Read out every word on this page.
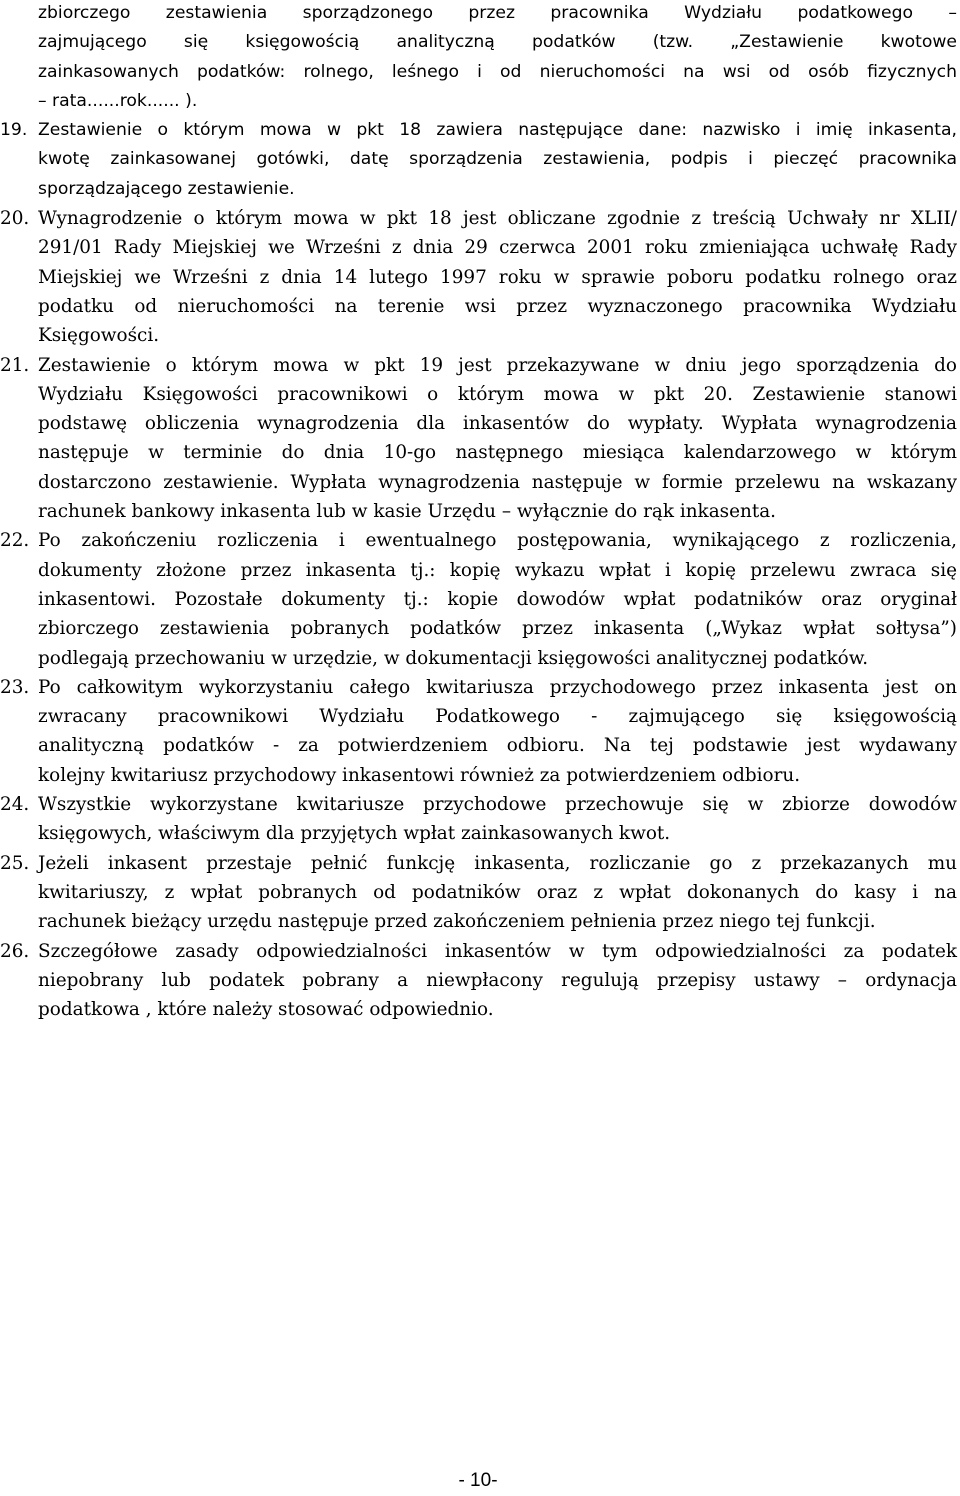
zbiorczego zestawienia sporządzonego przez pracownika Wydziału podatkowego –
zajmującego się księgowością analityczną podatków (tzw. „Zestawienie kwotowe
zainkasowanych podatków: rolnego, leśnego i od nieruchomości na wsi od osób fizycznych
– rata......rok...... ).
19. Zestawienie o którym mowa w pkt 18 zawiera następujące dane: nazwisko i imię inkasenta,
kwotę zainkasowanej gotówki, datę sporządzenia zestawienia, podpis i pieczęć pracownika
sporządzającego zestawienie.
20. Wynagrodzenie o którym mowa w pkt 18 jest obliczane zgodnie z treścią Uchwały nr XLII/
291/01 Rady Miejskiej we Wrześni z dnia 29 czerwca 2001 roku zmieniająca uchwałę Rady
Miejskiej we Wrześni z dnia 14 lutego 1997 roku w sprawie poboru podatku rolnego oraz
podatku od nieruchomości na terenie wsi przez wyznaczonego pracownika Wydziału
Księgowości.
21. Zestawienie o którym mowa w pkt 19 jest przekazywane w dniu jego sporządzenia do
Wydziału Księgowości pracownikowi o którym mowa w pkt 20. Zestawienie stanowi
podstawę obliczenia wynagrodzenia dla inkasentów do wypłaty. Wypłata wynagrodzenia
następuje w terminie do dnia 10-go następnego miesiąca kalendarzowego w którym
dostarczono zestawienie. Wypłata wynagrodzenia następuje w formie przelewu na wskazany
rachunek bankowy inkasenta lub w kasie Urzędu – wyłącznie do rąk inkasenta.
22. Po zakończeniu rozliczenia i ewentualnego postępowania, wynikającego z rozliczenia,
dokumenty złożone przez inkasenta tj.: kopię wykazu wpłat i kopię przelewu zwraca się
inkasentowi. Pozostałe dokumenty tj.: kopie dowodów wpłat podatników oraz oryginał
zbiorczego zestawienia pobranych podatków przez inkasenta („Wykaz wpłat sołtysa”)
podlegają przechowaniu w urzędzie, w dokumentacji księgowości analitycznej podatków.
23. Po całkowitym wykorzystaniu całego kwitariusza przychodowego przez inkasenta jest on
zwracany pracownikowi Wydziału Podatkowego - zajmującego się księgowością
analityczną podatków - za potwierdzeniem odbioru. Na tej podstawie jest wydawany
kolejny kwitariusz przychodowy inkasentowi również za potwierdzeniem odbioru.
24. Wszystkie wykorzystane kwitariusze przychodowe przechowuje się w zbiorze dowodów
księgowych, właściwym dla przyjętych wpłat zainkasowanych kwot.
25. Jeżeli inkasent przestaje pełnić funkcję inkasenta, rozliczanie go z przekazanych mu
kwitariuszy, z wpłat pobranych od podatników oraz z wpłat dokonanych do kasy i na
rachunek bieżący urzędu następuje przed zakończeniem pełnienia przez niego tej funkcji.
26. Szczegółowe zasady odpowiedzialności inkasentów w tym odpowiedzialności za podatek
niepobrany lub podatek pobrany a niewpłacony regulują przepisy ustawy – ordynacja
podatkowa , które należy stosować odpowiednio.
- 10-
